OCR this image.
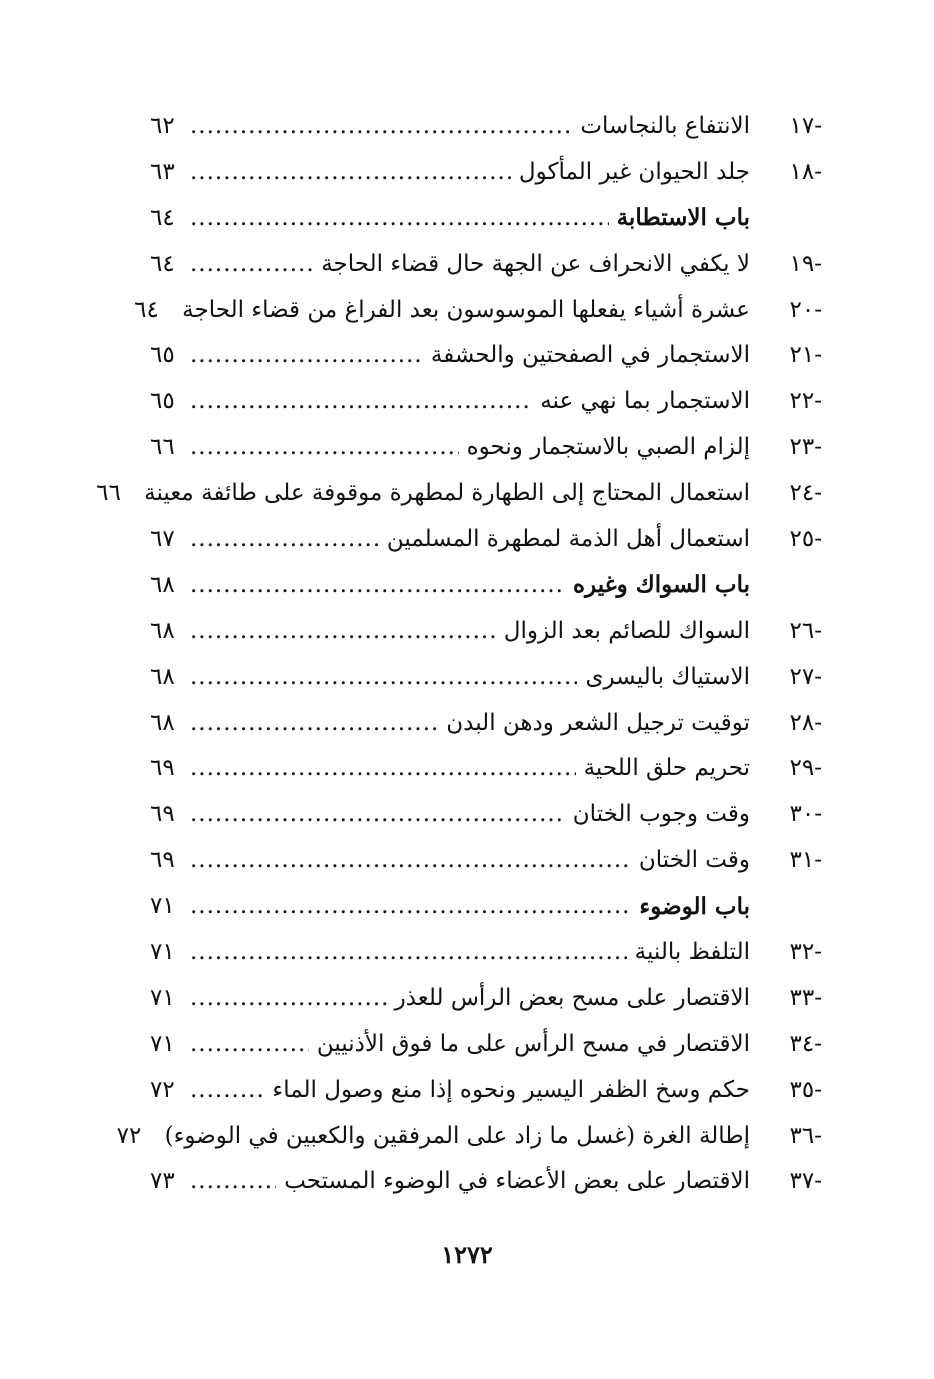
-١٧
الانتفاع بالنجاسات
.....
٦٢
-١٨
جلد الحيوان غير المأكول
.....
٦٣
باب الاستطابة
.....
٦٤
-١٩
لا يكفي الانحراف عن الجهة حال قضاء الحاجة
.....
٦٤
-٢٠
عشرة أشياء يفعلها الموسوسون بعد الفراغ من قضاء الحاجة
٦٤
-٢١
الاستجمار في الصفحتين والحشفة
.....
٦٥
-٢٢
الاستجمار بما نهي عنه
.....
٦٥
-٢٣
إلزام الصبي بالاستجمار ونحوه
.....
٦٦
-٢٤
استعمال المحتاج إلى الطهارة لمطهرة موقوفة على طائفة معينة
٦٦
-٢٥
استعمال أهل الذمة لمطهرة المسلمين
.....
٦٧
باب السواك وغيره
.....
٦٨
-٢٦
السواك للصائم بعد الزوال
.....
٦٨
-٢٧
الاستياك باليسرى
.....
٦٨
-٢٨
توقيت ترجيل الشعر ودهن البدن
.....
٦٨
-٢٩
تحريم حلق اللحية
.....
٦٩
-٣٠
وقت وجوب الختان
.....
٦٩
-٣١
وقت الختان
.....
٦٩
باب الوضوء
.....
٧١
-٣٢
التلفظ بالنية
.....
٧١
-٣٣
الاقتصار على مسح بعض الرأس للعذر
.....
٧١
-٣٤
الاقتصار في مسح الرأس على ما فوق الأذنيين
.....
٧١
-٣٥
حكم وسخ الظفر اليسير ونحوه إذا منع وصول الماء
.....
٧٢
-٣٦
إطالة الغرة (غسل ما زاد على المرفقين والكعبين في الوضوء)
٧٢
-٣٧
الاقتصار على بعض الأعضاء في الوضوء المستحب
.....
٧٣
١٢٧٢
